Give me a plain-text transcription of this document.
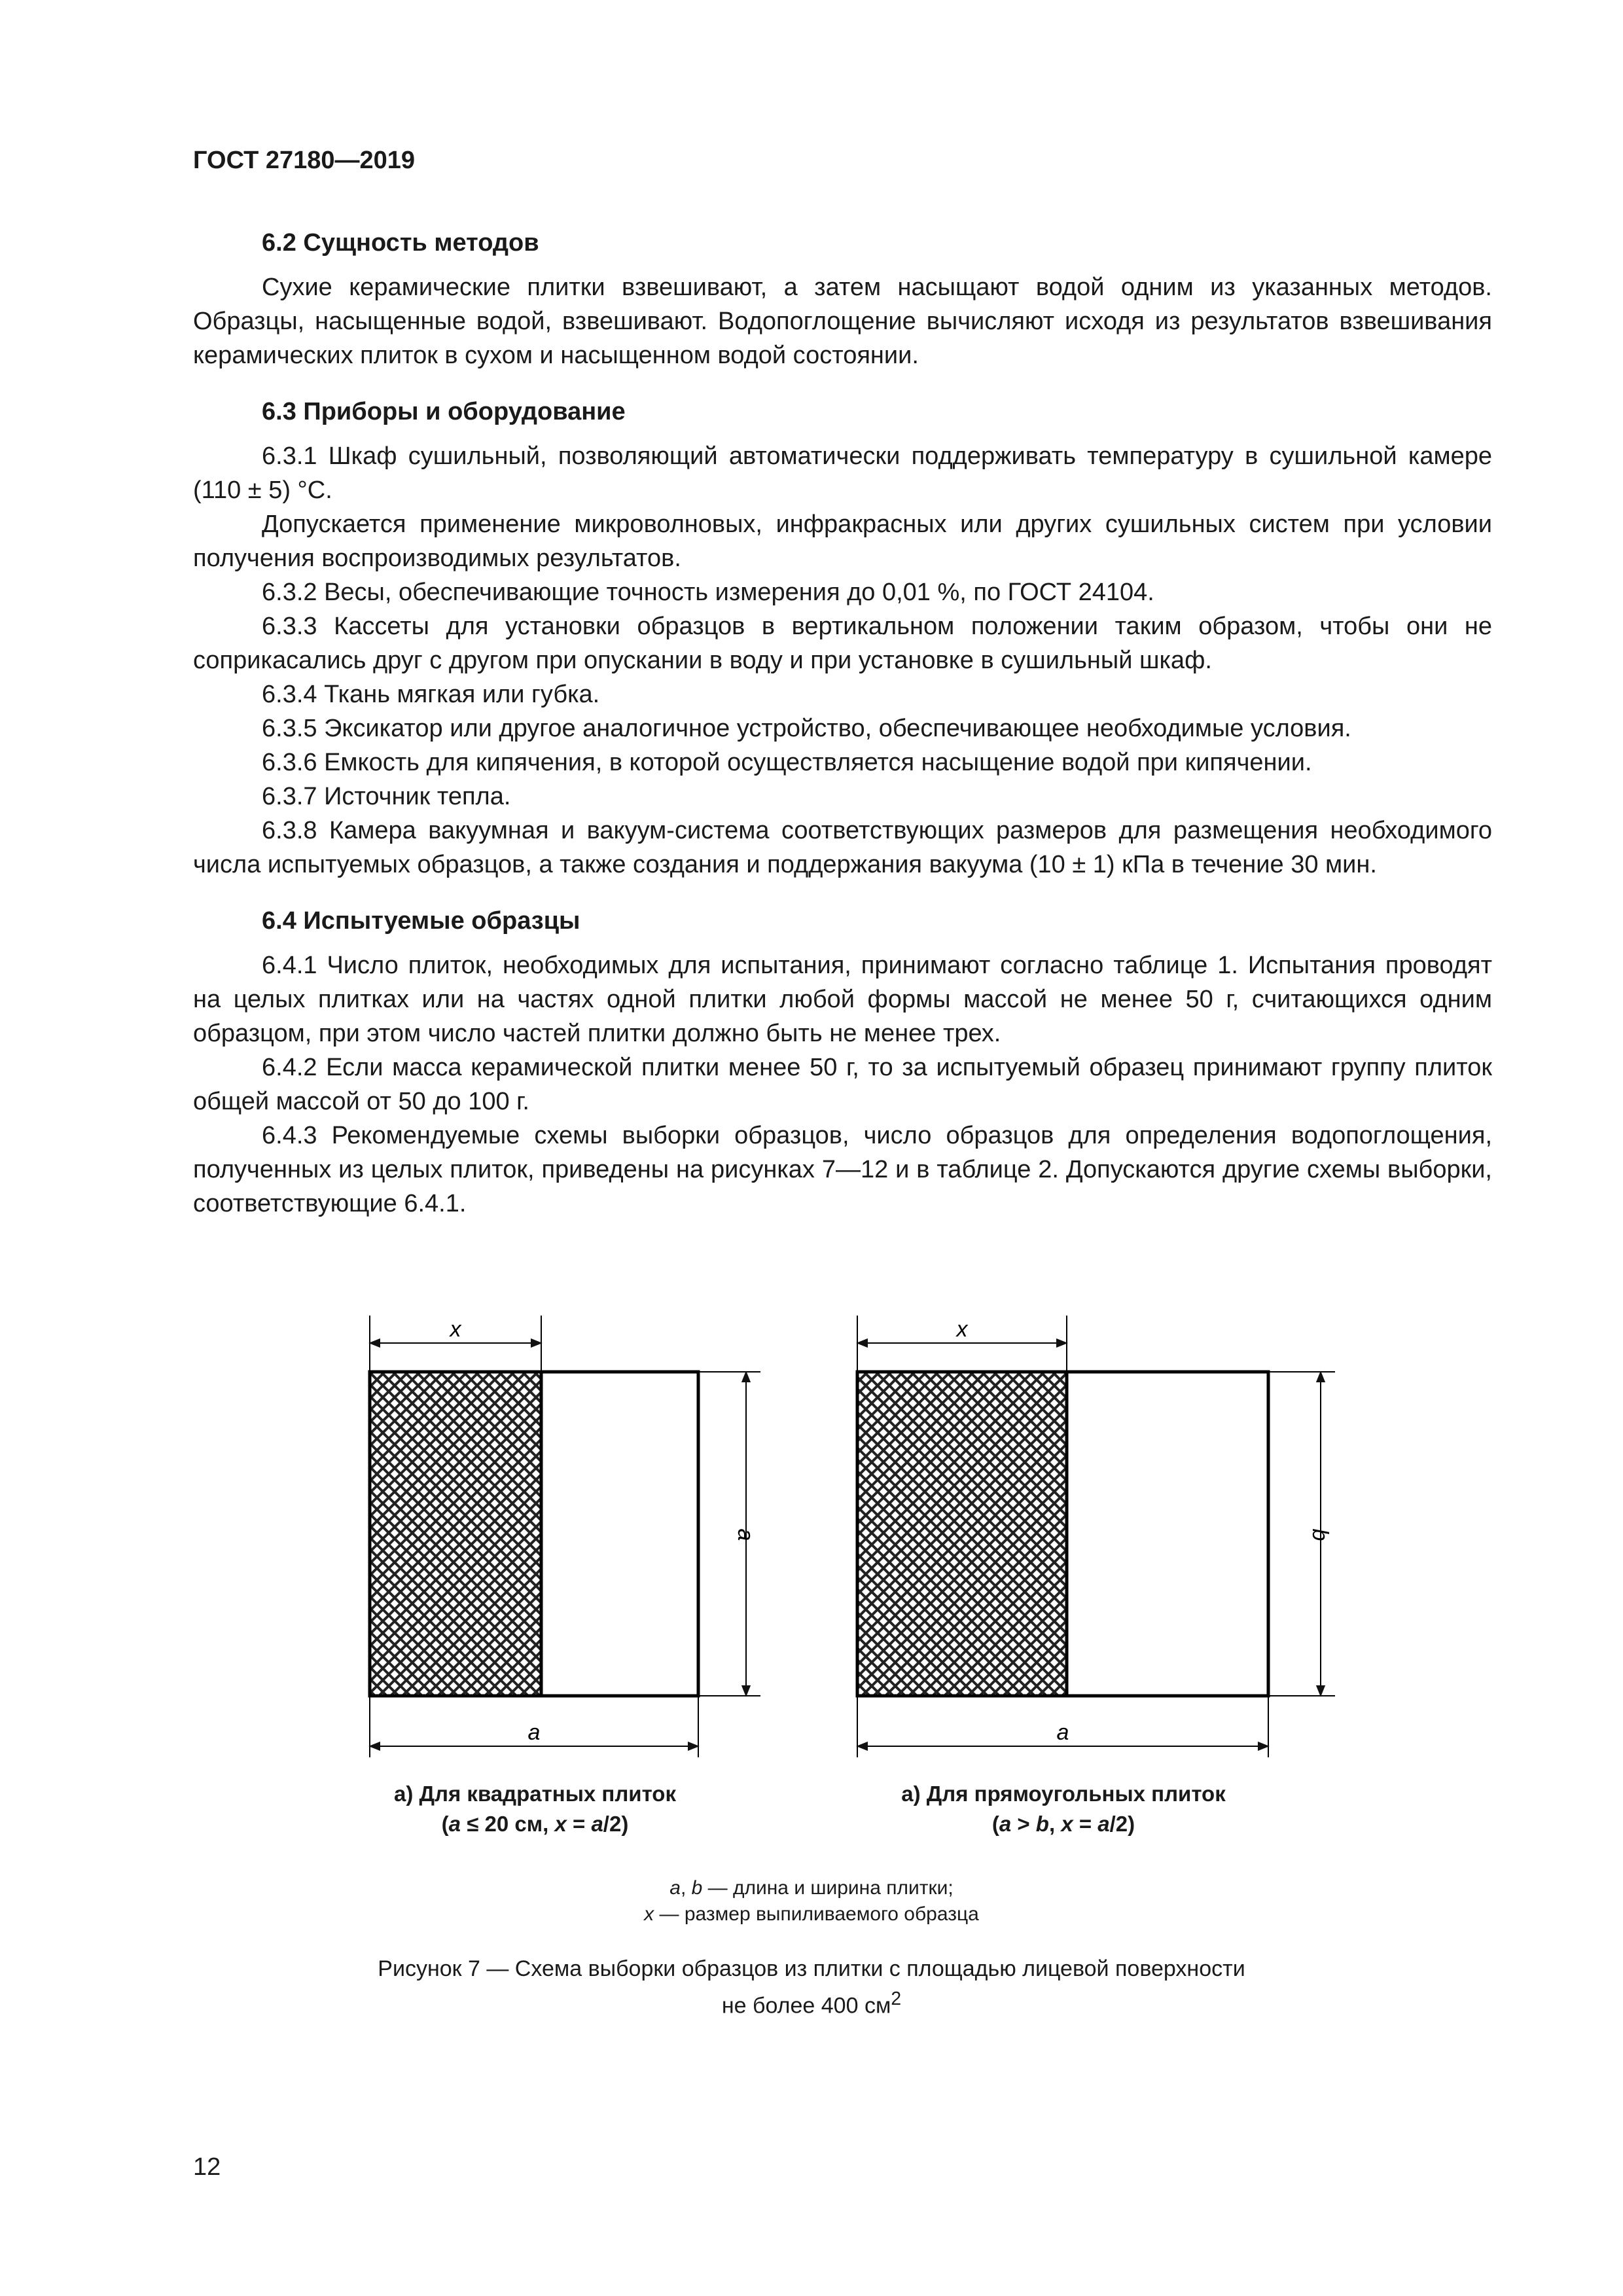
ГОСТ 27180—2019
6.2 Сущность методов

Сухие керамические плитки взвешивают, а затем насыщают водой одним из указанных методов. Образцы, насыщенные водой, взвешивают. Водопоглощение вычисляют исходя из результатов взвешивания керамических плиток в сухом и насыщенном водой состоянии.

6.3 Приборы и оборудование

6.3.1 Шкаф сушильный, позволяющий автоматически поддерживать температуру в сушильной камере (110 ± 5) °С.

Допускается применение микроволновых, инфракрасных или других сушильных систем при условии получения воспроизводимых результатов.

6.3.2 Весы, обеспечивающие точность измерения до 0,01 %, по ГОСТ 24104.

6.3.3 Кассеты для установки образцов в вертикальном положении таким образом, чтобы они не соприкасались друг с другом при опускании в воду и при установке в сушильный шкаф.

6.3.4 Ткань мягкая или губка.

6.3.5 Эксикатор или другое аналогичное устройство, обеспечивающее необходимые условия.

6.3.6 Емкость для кипячения, в которой осуществляется насыщение водой при кипячении.

6.3.7 Источник тепла.

6.3.8 Камера вакуумная и вакуум-система соответствующих размеров для размещения необходимого числа испытуемых образцов, а также создания и поддержания вакуума (10 ± 1) кПа в течение 30 мин.

6.4 Испытуемые образцы

6.4.1 Число плиток, необходимых для испытания, принимают согласно таблице 1. Испытания проводят на целых плитках или на частях одной плитки любой формы массой не менее 50 г, считающихся одним образцом, при этом число частей плитки должно быть не менее трех.

6.4.2 Если масса керамической плитки менее 50 г, то за испытуемый образец принимают группу плиток общей массой от 50 до 100 г.

6.4.3 Рекомендуемые схемы выборки образцов, число образцов для определения водопоглощения, полученных из целых плиток, приведены на рисунках 7—12 и в таблице 2. Допускаются другие схемы выборки, соответствующие 6.4.1.

x
a
a
x
b
a
а) Для квадратных плиток
(a ≤ 20 см, x = a/2)
а) Для прямоугольных плиток
(a > b, x = a/2)
a, b — длина и ширина плитки;
x — размер выпиливаемого образца
Рисунок 7 — Схема выборки образцов из плитки с площадью лицевой поверхности
не более 400 $см^2$
12
